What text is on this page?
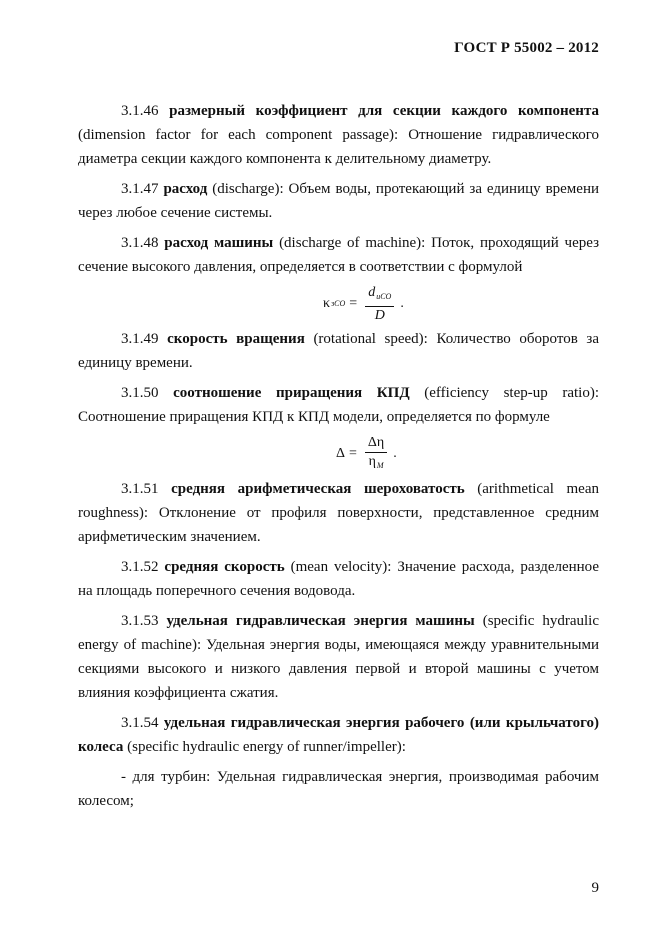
ГОСТ Р 55002 – 2012

3.1.46 размерный коэффициент для секции каждого компонента (dimension factor for each component passage): Отношение гидравлического диаметра секции каждого компонента к делительному диаметру.

3.1.47 расход (discharge): Объем воды, протекающий за единицу времени через любое сечение системы.

3.1.48 расход машины (discharge of machine): Поток, проходящий через сечение высокого давления, определяется в соответствии с формулой

κ зCO = $\frac{d_{uCO}}{D}$ .

3.1.49 скорость вращения (rotational speed): Количество оборотов за единицу времени.

3.1.50 соотношение приращения КПД (efficiency step-up ratio): Соотношение приращения КПД к КПД модели, определяется по формуле

$\Delta = \frac{\Delta\eta}{\eta_M}$ .

3.1.51 средняя арифметическая шероховатость (arithmetical mean roughness): Отклонение от профиля поверхности, представленное средним арифметическим значением.

3.1.52 средняя скорость (mean velocity): Значение расхода, разделенное на площадь поперечного сечения водовода.

3.1.53 удельная гидравлическая энергия машины (specific hydraulic energy of machine): Удельная энергия воды, имеющаяся между уравнительными секциями высокого и низкого давления первой и второй машины с учетом влияния коэффициента сжатия.

3.1.54 удельная гидравлическая энергия рабочего (или крыльчатого) колеса (specific hydraulic energy of runner/impeller):

- для турбин: Удельная гидравлическая энергия, производимая рабочим колесом;

9
